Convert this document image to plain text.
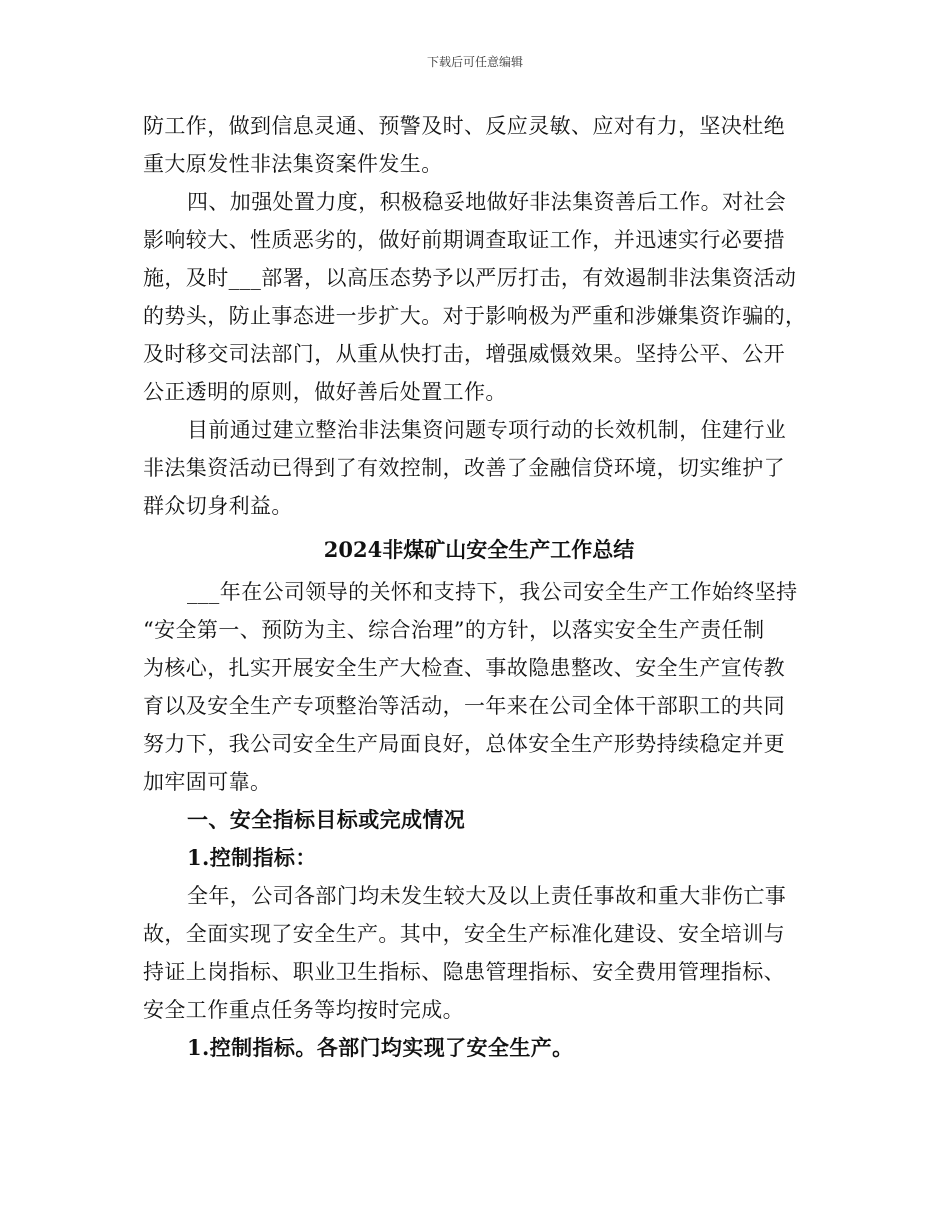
下载后可任意编辑
防工作，做到信息灵通、预警及时、反应灵敏、应对有力，坚决杜绝
重大原发性非法集资案件发生。
四、加强处置力度，积极稳妥地做好非法集资善后工作。对社会
影响较大、性质恶劣的，做好前期调查取证工作，并迅速实行必要措
施，及时___部署，以高压态势予以严厉打击，有效遏制非法集资活动
的势头，防止事态进一步扩大。对于影响极为严重和涉嫌集资诈骗的，
及时移交司法部门，从重从快打击，增强威慑效果。坚持公平、公开
公正透明的原则，做好善后处置工作。
目前通过建立整治非法集资问题专项行动的长效机制，住建行业
非法集资活动已得到了有效控制，改善了金融信贷环境，切实维护了
群众切身利益。
2024非煤矿山安全生产工作总结
___年在公司领导的关怀和支持下，我公司安全生产工作始终坚持
“安全第一、预防为主、综合治理”的方针，以落实安全生产责任制
为核心，扎实开展安全生产大检查、事故隐患整改、安全生产宣传教
育以及安全生产专项整治等活动，一年来在公司全体干部职工的共同
努力下，我公司安全生产局面良好，总体安全生产形势持续稳定并更
加牢固可靠。
一、安全指标目标或完成情况
1.控制指标：
全年，公司各部门均未发生较大及以上责任事故和重大非伤亡事
故，全面实现了安全生产。其中，安全生产标准化建设、安全培训与
持证上岗指标、职业卫生指标、隐患管理指标、安全费用管理指标、
安全工作重点任务等均按时完成。
1.控制指标。各部门均实现了安全生产。
